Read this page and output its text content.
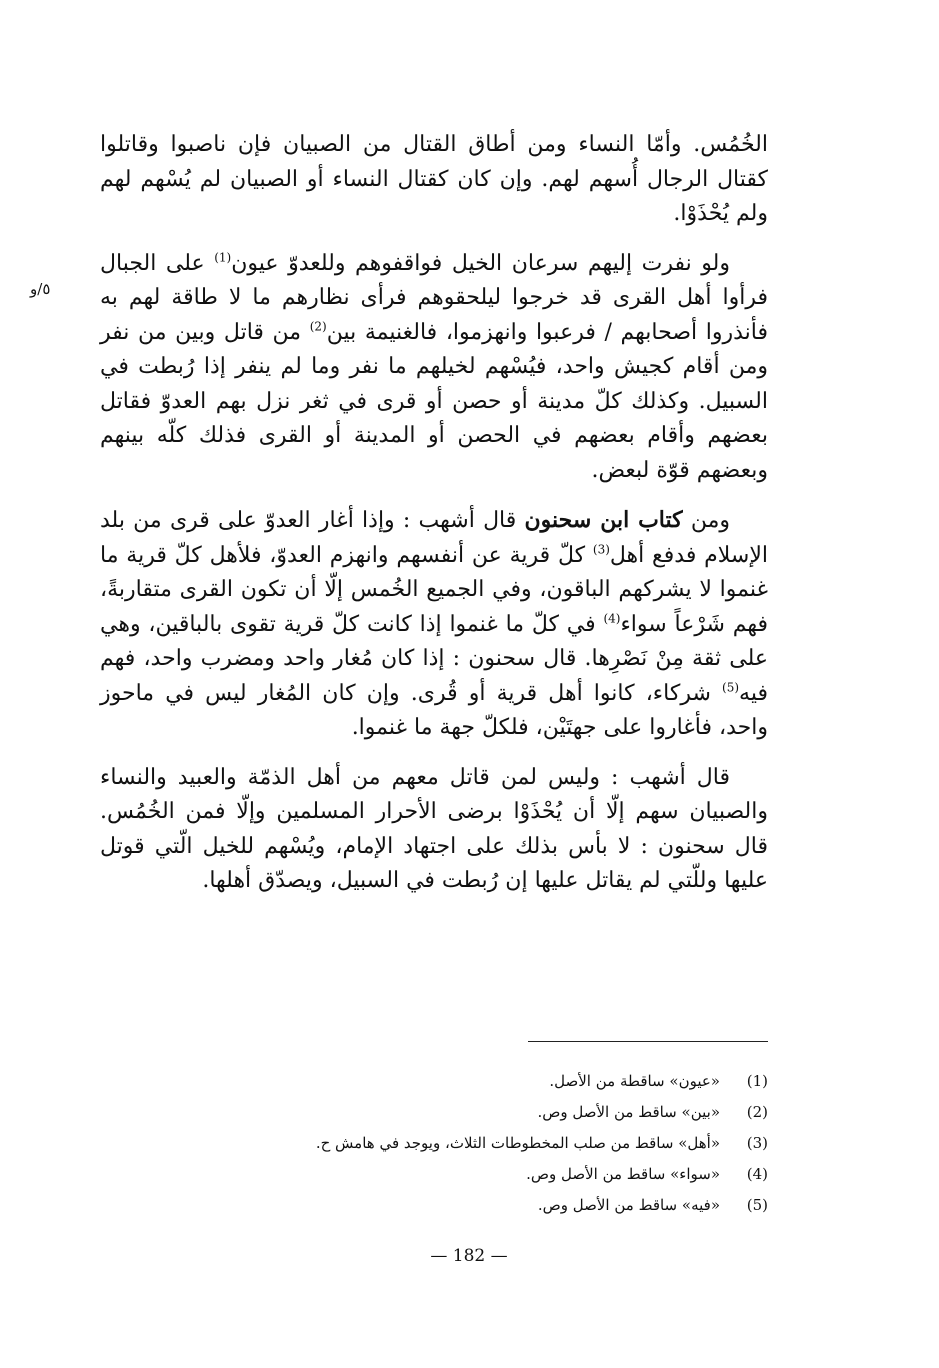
٥/و

الخُمُس. وأمّا النساء ومن أطاق القتال من الصبيان فإن ناصبوا وقاتلوا كقتال الرجال أُسهم لهم. وإن كان كقتال النساء أو الصبيان لم يُسْهم لهم ولم يُحْذَوْا.

ولو نفرت إليهم سرعان الخيل فواقفوهم وللعدوّ عيون$^{(1)}$ على الجبال فرأوا أهل القرى قد خرجوا ليلحقوهم فرأى نظارهم ما لا طاقة لهم به فأنذروا أصحابهم / فرعبوا وانهزموا، فالغنيمة بين$^{(2)}$ من قاتل وبين من نفر ومن أقام كجيش واحد، فيُسْهم لخيلهم ما نفر وما لم ينفر إذا رُبطت في السبيل. وكذلك كلّ مدينة أو حصن أو قرى في ثغر نزل بهم العدوّ فقاتل بعضهم وأقام بعضهم في الحصن أو المدينة أو القرى فذلك كلّه بينهم وبعضهم قوّة لبعض.

ومن كتاب ابن سحنون قال أشهب : وإذا أغار العدوّ على قرى من بلد الإسلام فدفع أهل$^{(3)}$ كلّ قرية عن أنفسهم وانهزم العدوّ، فلأهل كلّ قرية ما غنموا لا يشركهم الباقون، وفي الجميع الخُمس إلّا أن تكون القرى متقاربةً، فهم شَرْعاً سواء$^{(4)}$ في كلّ ما غنموا إذا كانت كلّ قرية تقوى بالباقين، وهي على ثقة مِنْ نَصْرِها. قال سحنون : إذا كان مُغار واحد ومضرب واحد، فهم فيه$^{(5)}$ شركاء، كانوا أهل قرية أو قُرى. وإن كان المُغار ليس في ماحوز واحد، فأغاروا على جهتَيْن، فلكلّ جهة ما غنموا.

قال أشهب : وليس لمن قاتل معهم من أهل الذمّة والعبيد والنساء والصبيان سهم إلّا أن يُحْذَوْا برضى الأحرار المسلمين وإلّا فمن الخُمُس. قال سحنون : لا بأس بذلك على اجتهاد الإمام، ويُسْهم للخيل الّتي قوتل عليها وللّتي لم يقاتل عليها إن رُبطت في السبيل، ويصدّق أهلها.

(1)
«عيون» ساقطة من الأصل.
(2)
«بين» ساقط من الأصل وص.
(3)
«أهل» ساقط من صلب المخطوطات الثلاث، ويوجد في هامش ح.
(4)
«سواء» ساقط من الأصل وص.
(5)
«فيه» ساقط من الأصل وص.
— 182 —
